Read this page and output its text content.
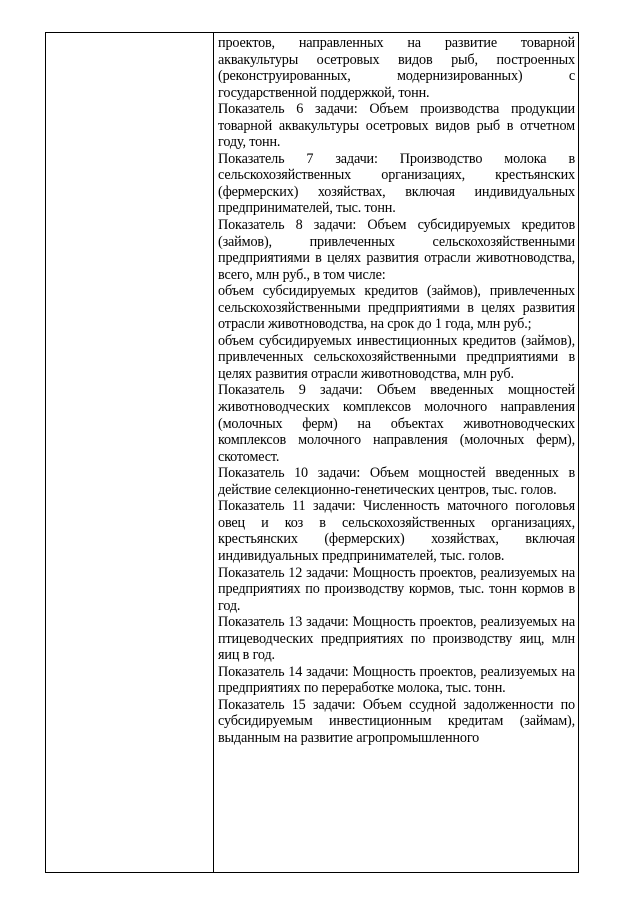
проектов, направленных на развитие товарной аквакультуры осетровых видов рыб, построенных (реконструированных, модернизированных) с государственной поддержкой, тонн.

Показатель 6 задачи: Объем производства продукции товарной аквакультуры осетровых видов рыб в отчетном году, тонн.

Показатель 7 задачи: Производство молока в сельскохозяйственных организациях, крестьянских (фермерских) хозяйствах, включая индивидуальных предпринимателей, тыс. тонн.

Показатель 8 задачи: Объем субсидируемых кредитов (займов), привлеченных сельскохозяйственными предприятиями в целях развития отрасли животноводства, всего, млн руб., в том числе:

объем субсидируемых кредитов (займов), привлеченных сельскохозяйственными предприятиями в целях развития отрасли животноводства, на срок до 1 года, млн руб.;

объем субсидируемых инвестиционных кредитов (займов), привлеченных сельскохозяйственными предприятиями в целях развития отрасли животноводства, млн руб.

Показатель 9 задачи: Объем введенных мощностей животноводческих комплексов молочного направления (молочных ферм) на объектах животноводческих комплексов молочного направления (молочных ферм), скотомест.

Показатель 10 задачи: Объем мощностей введенных в действие селекционно-генетических центров, тыс. голов.

Показатель 11 задачи: Численность маточного поголовья овец и коз в сельскохозяйственных организациях, крестьянских (фермерских) хозяйствах, включая индивидуальных предпринимателей, тыс. голов.

Показатель 12 задачи: Мощность проектов, реализуемых на предприятиях по производству кормов, тыс. тонн кормов в год.

Показатель 13 задачи: Мощность проектов, реализуемых на птицеводческих предприятиях по производству яиц, млн яиц в год.

Показатель 14 задачи: Мощность проектов, реализуемых на предприятиях по переработке молока, тыс. тонн.

Показатель 15 задачи: Объем ссудной задолженности по субсидируемым инвестиционным кредитам (займам), выданным на развитие агропромышленного
